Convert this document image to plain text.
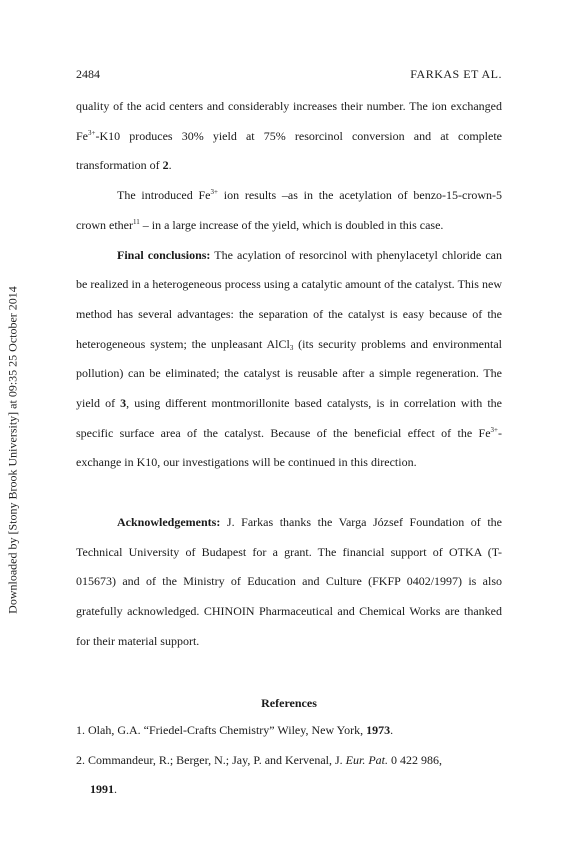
Downloaded by [Stony Brook University] at 09:35 25 October 2014
2484	FARKAS ET AL.

quality of the acid centers and considerably increases their number. The ion exchanged $Fe^{3+}-K10$ produces 30% yield at 75% resorcinol conversion and at complete transformation of 2.

The introduced $Fe^{3+}$ ion results –as in the acetylation of benzo-15-crown-5 crown ether$^{11}$ – in a large increase of the yield, which is doubled in this case.

Final conclusions: The acylation of resorcinol with phenylacetyl chloride can be realized in a heterogeneous process using a catalytic amount of the catalyst. This new method has several advantages: the separation of the catalyst is easy because of the heterogeneous system; the unpleasant AlCl$_3$ (its security problems and environmental pollution) can be eliminated; the catalyst is reusable after a simple regeneration. The yield of 3, using different montmorillonite based catalysts, is in correlation with the specific surface area of the catalyst. Because of the beneficial effect of the $Fe^{3+}$-exchange in K10, our investigations will be continued in this direction.

Acknowledgements: J. Farkas thanks the Varga József Foundation of the Technical University of Budapest for a grant. The financial support of OTKA (T-015673) and of the Ministry of Education and Culture (FKFP 0402/1997) is also gratefully acknowledged. CHINOIN Pharmaceutical and Chemical Works are thanked for their material support.

References

1. Olah, G.A. “Friedel-Crafts Chemistry” Wiley, New York, 1973.

2. Commandeur, R.; Berger, N.; Jay, P. and Kervenal, J. Eur. Pat. 0 422 986,

1991.
